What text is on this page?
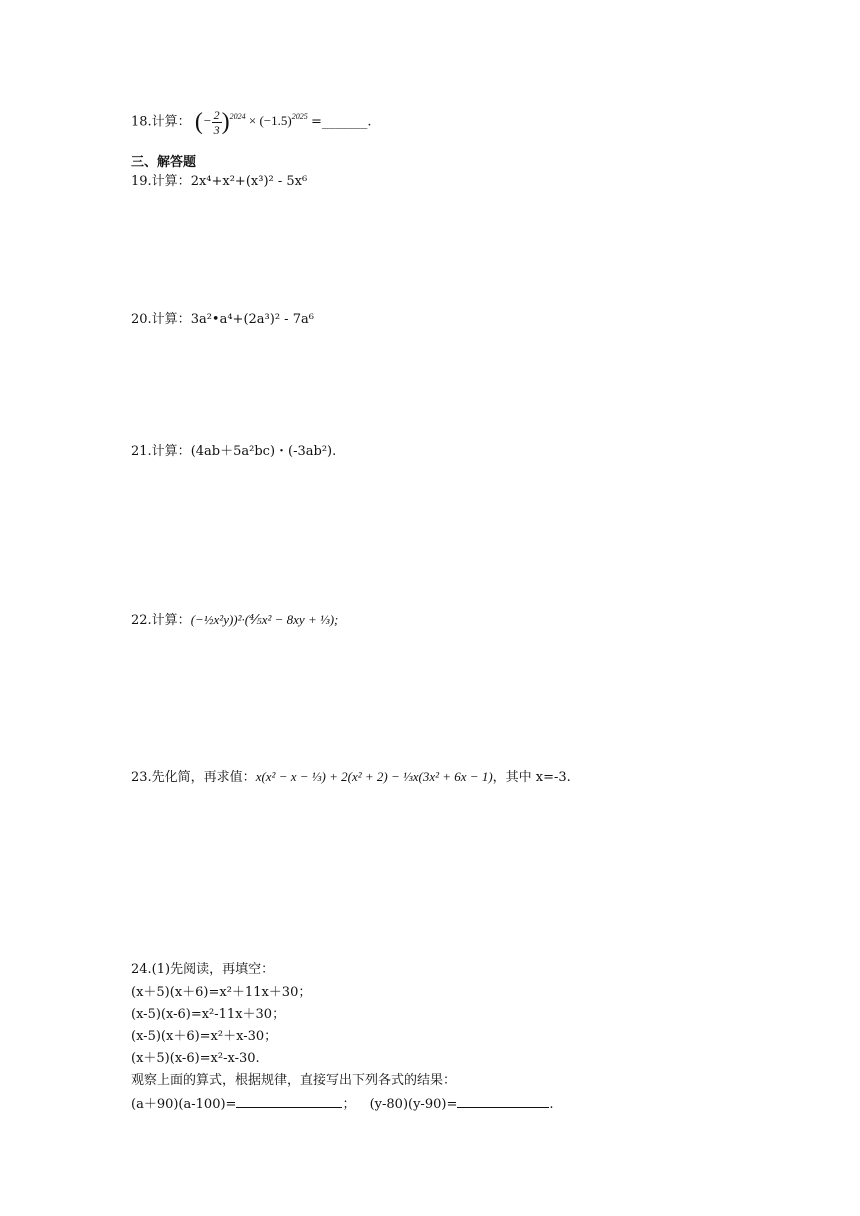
18.计算： (− $\frac{2}{3} )^{2024} \times (-1.5)^{2025}$ =_______.
三、解答题
19.计算：2x⁴+x²+(x³)² - 5x⁶
20.计算：3a²•a⁴+(2a³)² - 7a⁶
21.计算：(4ab＋5a²bc)・(-3ab²).
22.计算：(−½x²y))²·(⅘x² − 8xy + ⅓);
23.先化简，再求值：x(x² − x − ⅓) + 2(x² + 2) − ⅓x(3x² + 6x − 1)，其中 x=-3.
24.(1)先阅读，再填空：
(x＋5)(x＋6)=x²＋11x＋30；
(x-5)(x-6)=x²-11x＋30；
(x-5)(x＋6)=x²＋x-30；
(x＋5)(x-6)=x²-x-30.
观察上面的算式，根据规律，直接写出下列各式的结果：
(a＋90)(a-100)=	； (y-80)(y-90)=	.
